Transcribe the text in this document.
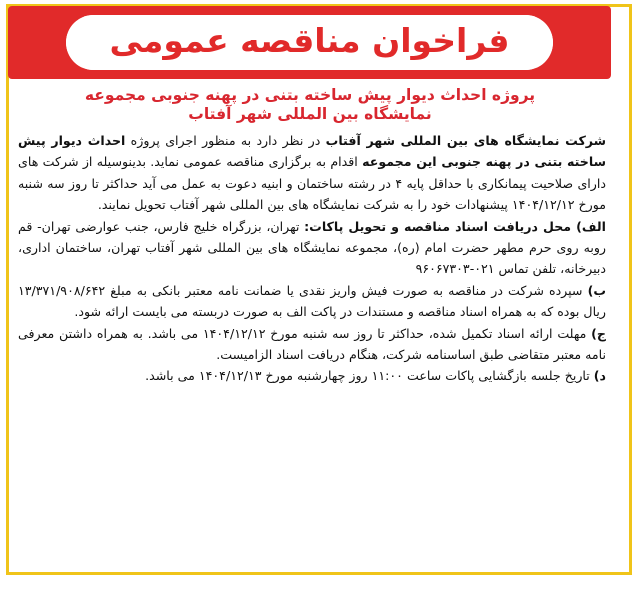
فراخوان مناقصه عمومی
پروژه احداث دیوار پیش ساخته بتنی در پهنه جنوبی مجموعه
نمایشگاه بین المللی شهر آفتاب

شرکت نمایشگاه های بین المللی شهر آفتاب در نظر دارد به منظور اجرای پروژه احداث دیوار پیش ساخته بتنی در پهنه جنوبی این مجموعه اقدام به برگزاری مناقصه عمومی نماید. بدینوسیله از شرکت های دارای صلاحیت پیمانکاری با حداقل پایه ۴ در رشته ساختمان و ابنیه دعوت به عمل می آید حداکثر تا روز سه شنبه مورخ ۱۴۰۴/۱۲/۱۲ پیشنهادات خود را به شرکت نمایشگاه های بین المللی شهر آفتاب تحویل نمایند.

الف) محل دریافت اسناد مناقصه و تحویل پاکات: تهران، بزرگراه خلیج فارس، جنب عوارضی تهران- قم روبه روی حرم مطهر حضرت امام (ره)، مجموعه نمایشگاه های بین المللی شهر آفتاب تهران، ساختمان اداری، دبیرخانه، تلفن تماس ۰۲۱-۹۶۰۶۷۳۰۳

ب) سپرده شرکت در مناقصه به صورت فیش واریز نقدی یا ضمانت نامه معتبر بانکی به مبلغ ۱۳/۳۷۱/۹۰۸/۶۴۲ ریال بوده که به همراه اسناد مناقصه و مستندات در پاکت الف به صورت دربسته می بایست ارائه شود.

ج) مهلت ارائه اسناد تکمیل شده، حداکثر تا روز سه شنبه مورخ ۱۴۰۴/۱۲/۱۲ می باشد. به همراه داشتن معرفی نامه معتبر متقاضی طبق اساسنامه شرکت، هنگام دریافت اسناد الزامیست.

د) تاریخ جلسه بازگشایی پاکات ساعت ۱۱:۰۰ روز چهارشنبه مورخ ۱۴۰۴/۱۲/۱۳ می باشد.
